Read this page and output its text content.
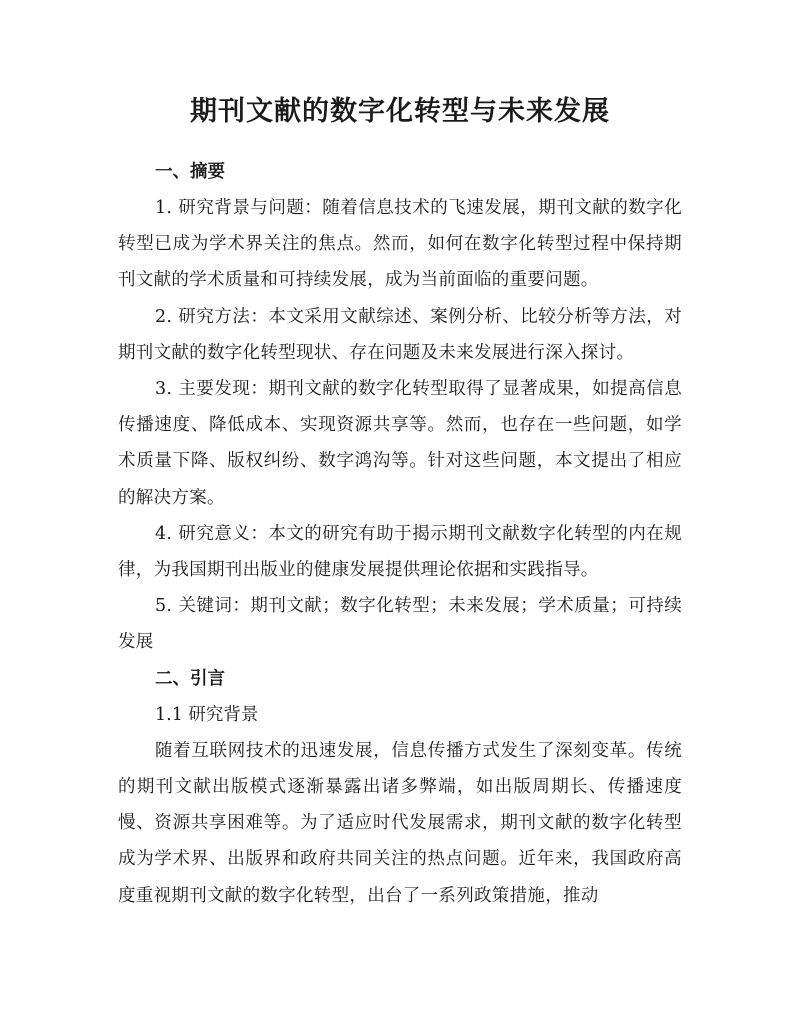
期刊文献的数字化转型与未来发展
一、摘要

1. 研究背景与问题：随着信息技术的飞速发展，期刊文献的数字化转型已成为学术界关注的焦点。然而，如何在数字化转型过程中保持期刊文献的学术质量和可持续发展，成为当前面临的重要问题。

2. 研究方法：本文采用文献综述、案例分析、比较分析等方法，对期刊文献的数字化转型现状、存在问题及未来发展进行深入探讨。

3. 主要发现：期刊文献的数字化转型取得了显著成果，如提高信息传播速度、降低成本、实现资源共享等。然而，也存在一些问题，如学术质量下降、版权纠纷、数字鸿沟等。针对这些问题，本文提出了相应的解决方案。

4. 研究意义：本文的研究有助于揭示期刊文献数字化转型的内在规律，为我国期刊出版业的健康发展提供理论依据和实践指导。

5. 关键词：期刊文献；数字化转型；未来发展；学术质量；可持续发展

二、引言

1.1 研究背景

随着互联网技术的迅速发展，信息传播方式发生了深刻变革。传统的期刊文献出版模式逐渐暴露出诸多弊端，如出版周期长、传播速度慢、资源共享困难等。为了适应时代发展需求，期刊文献的数字化转型成为学术界、出版界和政府共同关注的热点问题。近年来，我国政府高度重视期刊文献的数字化转型，出台了一系列政策措施，推动
